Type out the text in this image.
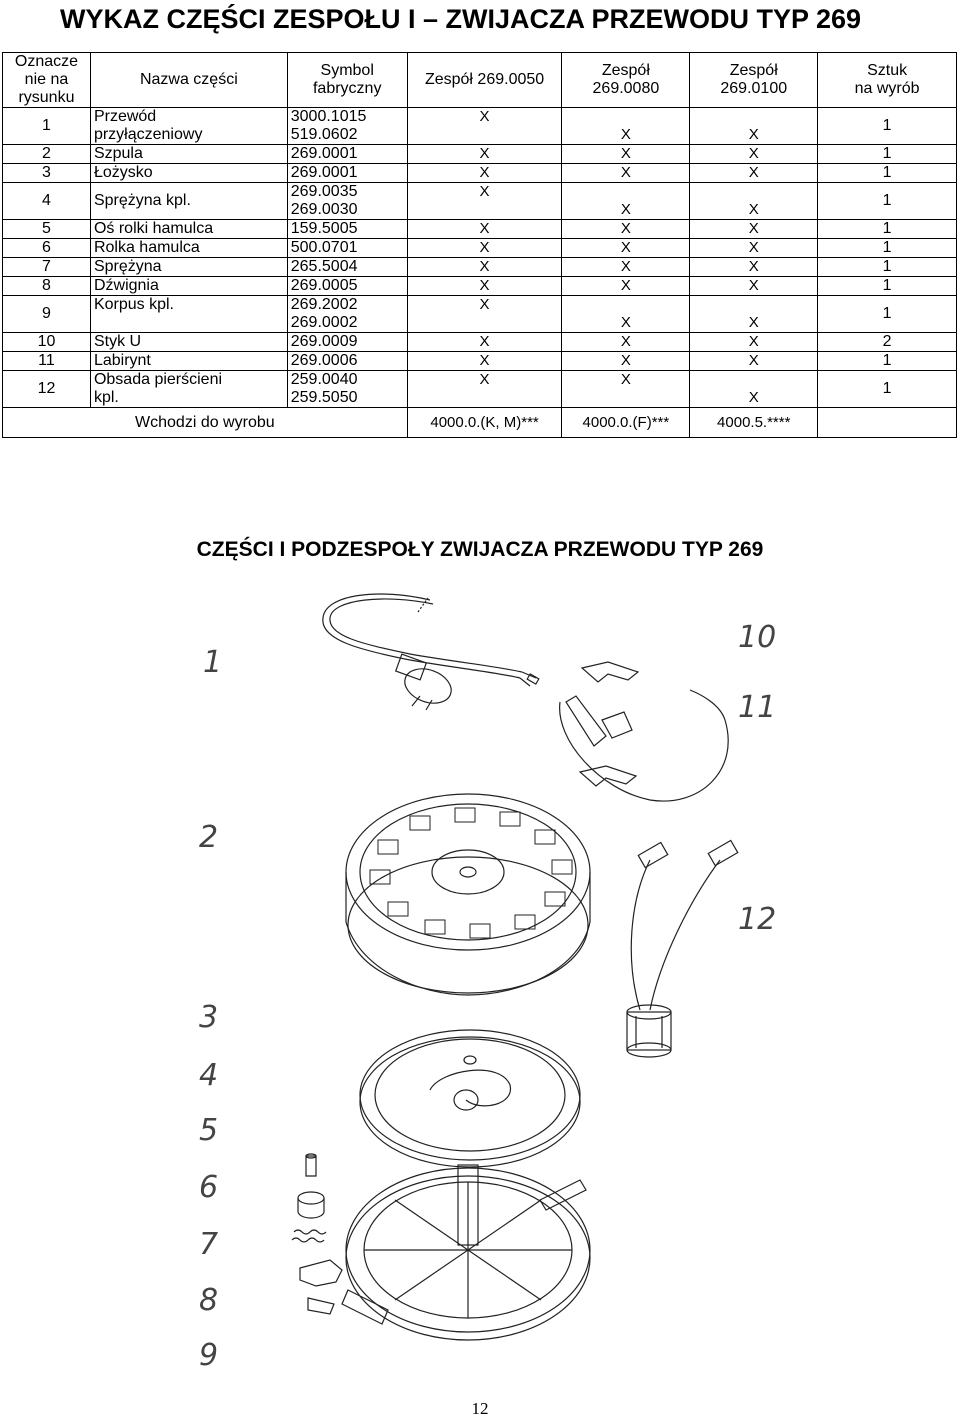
WYKAZ CZĘŚCI ZESPOŁU I – ZWIJACZA PRZEWODU TYP 269
Oznacze
nie na
rysunku	Nazwa części	Symbol
fabryczny	Zespół 269.0050	Zespół
269.0080	Zespół
269.0100	Sztuk
na wyrób
1	Przewód	3000.1015	X			1
	przyłączeniowy	519.0602		X	X	
2	Szpula	269.0001	X	X	X	1
3	Łożysko	269.0001	X	X	X	1
4	Sprężyna kpl.	269.0035	X			1
		269.0030		X	X	
5	Oś rolki hamulca	159.5005	X	X	X	1
6	Rolka hamulca	500.0701	X	X	X	1
7	Sprężyna	265.5004	X	X	X	1
8	Dźwignia	269.0005	X	X	X	1
9	Korpus kpl.	269.2002	X			1
		269.0002		X	X	
10	Styk U	269.0009	X	X	X	2
11	Labirynt	269.0006	X	X	X	1
12	Obsada pierścieni	259.0040	X	X		1
	kpl.	259.5050			X	
Wchodzi do wyrobu			4000.0.(K, M)***	4000.0.(F)***	4000.5.****	
CZĘŚCI I PODZESPOŁY ZWIJACZA PRZEWODU TYP 269
1
10
11
2
12
3
4
5
6
7
8
9
12
